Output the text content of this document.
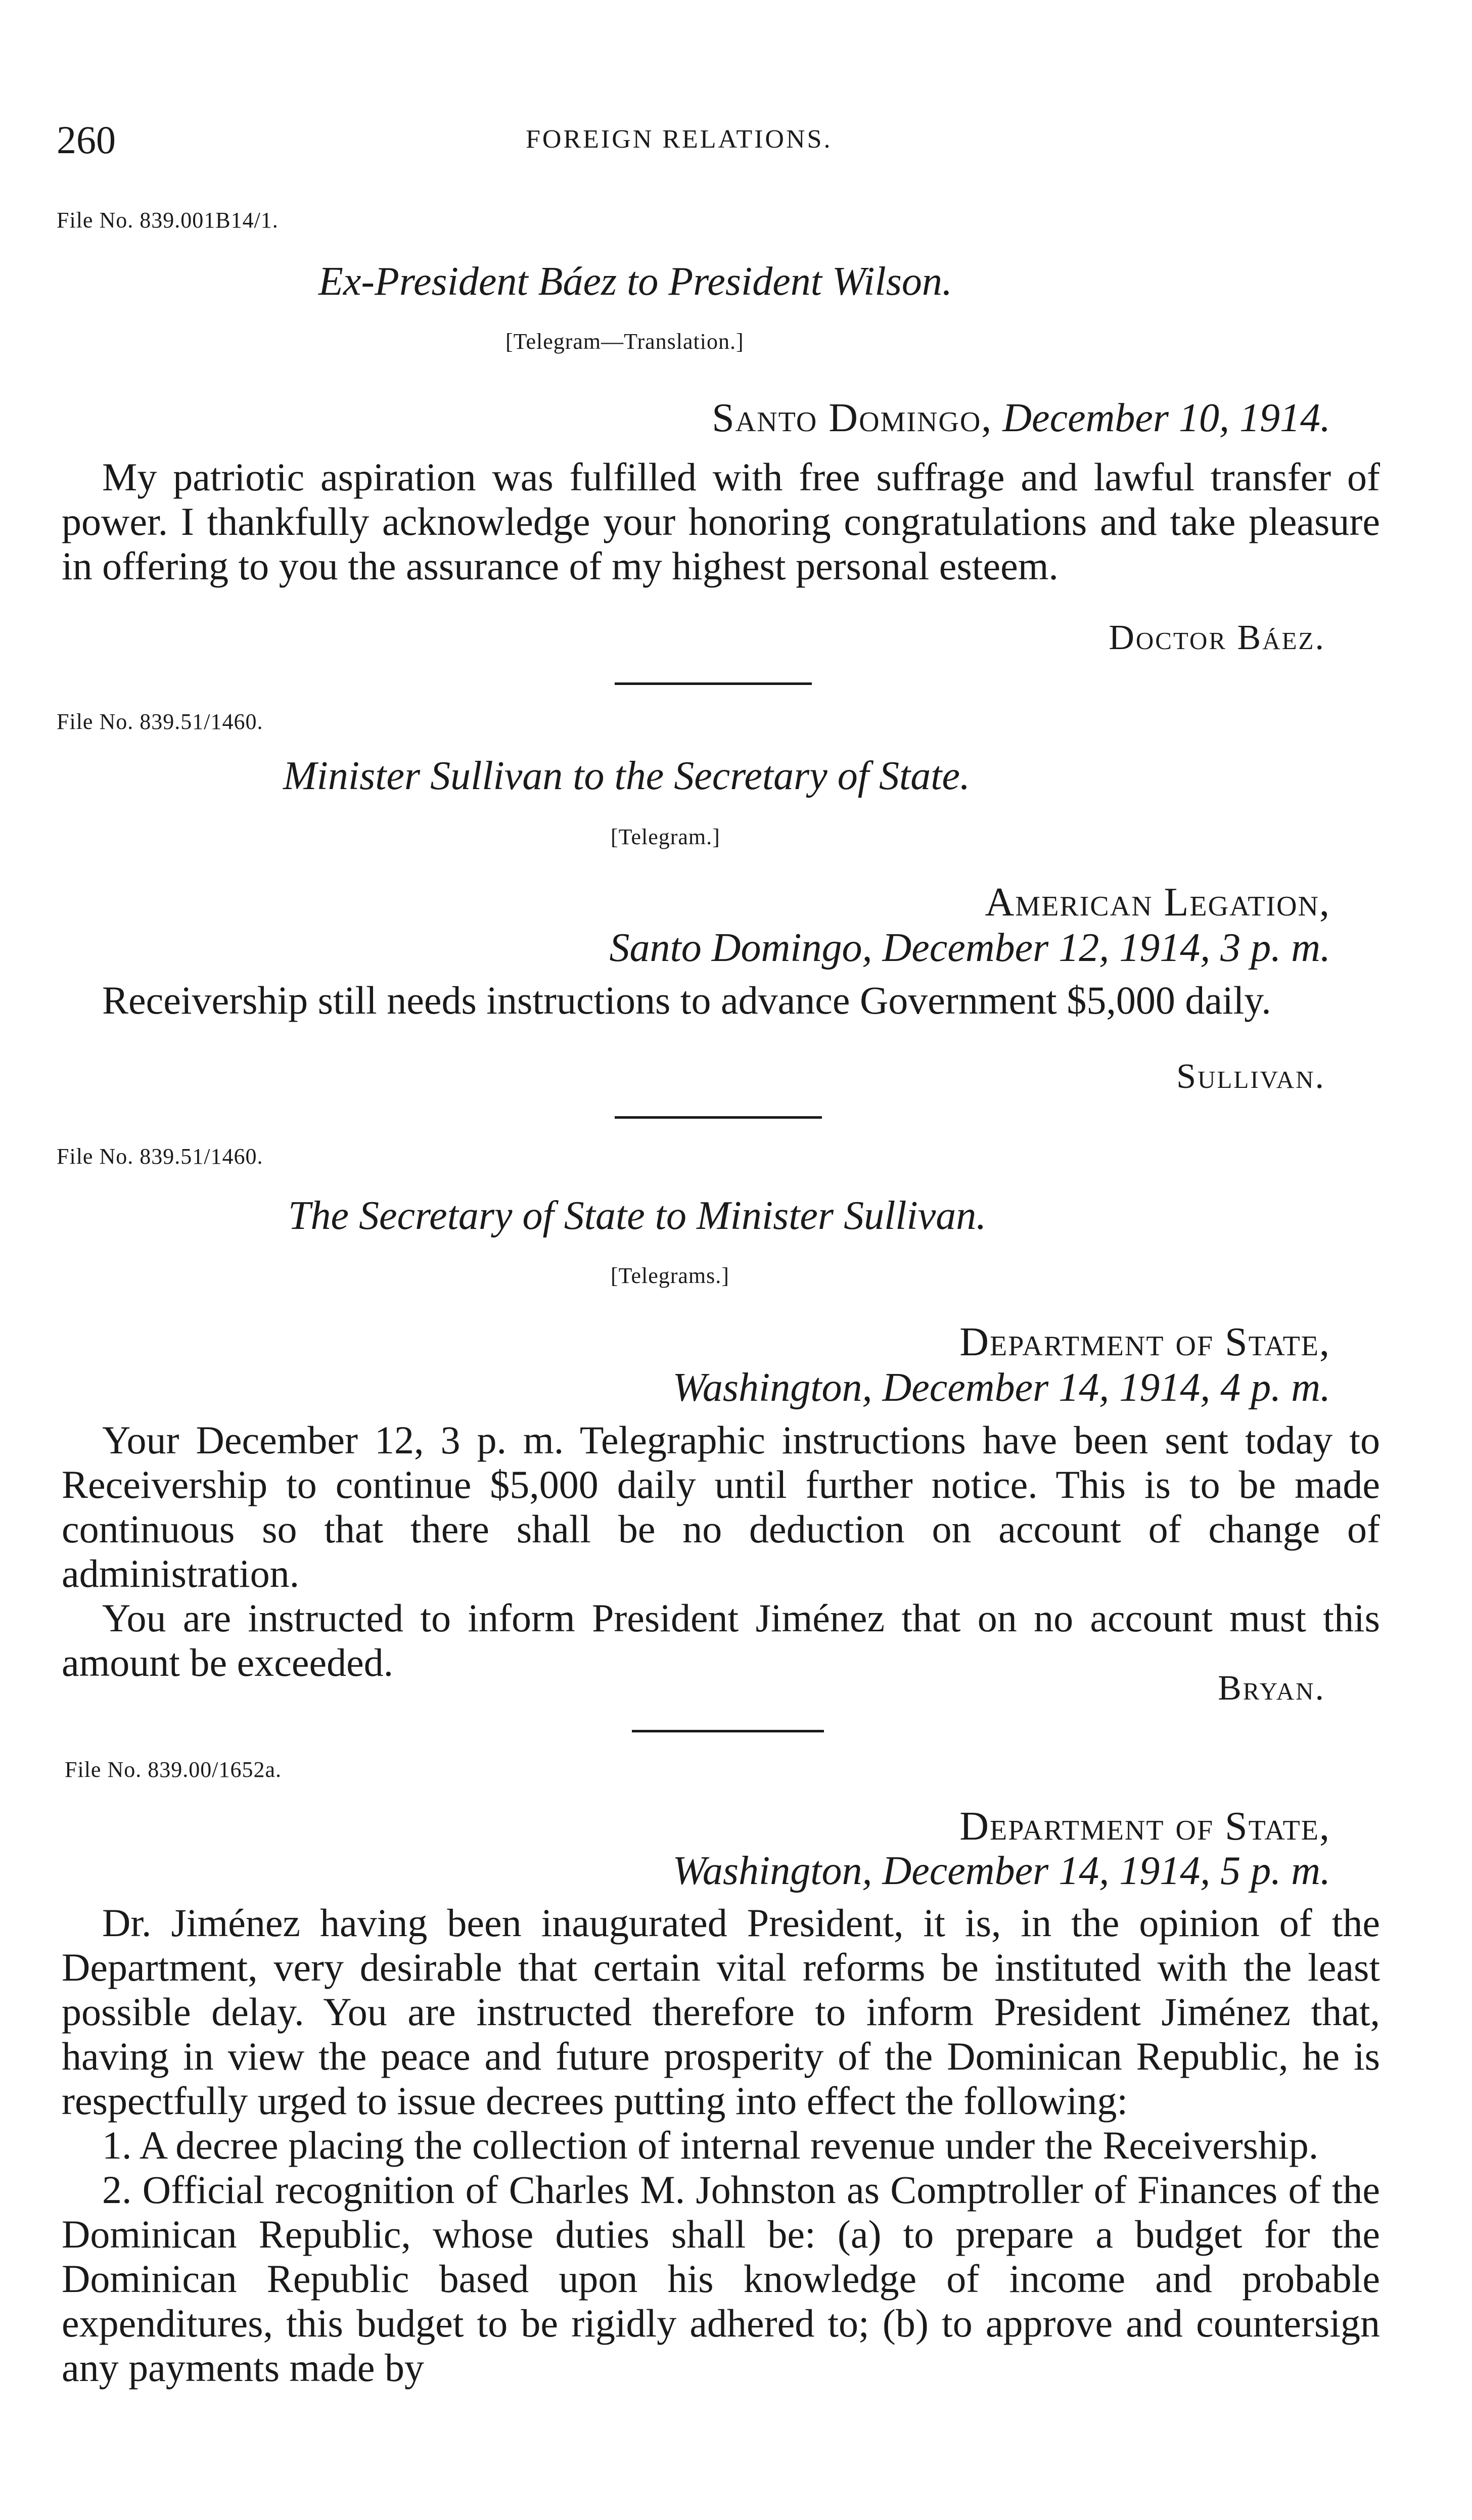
260	FOREIGN RELATIONS.
File No. 839.001B14/1.
Ex-President Báez to President Wilson.
[Telegram—Translation.]
Santo Domingo, December 10, 1914.

My patriotic aspiration was fulfilled with free suffrage and lawful transfer of power. I thankfully acknowledge your honoring congratulations and take pleasure in offering to you the assurance of my highest personal esteem.

Doctor Báez.
File No. 839.51/1460.
Minister Sullivan to the Secretary of State.
[Telegram.]
American Legation,
Santo Domingo, December 12, 1914, 3 p. m.

Receivership still needs instructions to advance Government $5,000 daily.

Sullivan.
File No. 839.51/1460.
The Secretary of State to Minister Sullivan.
[Telegrams.]
Department of State,
Washington, December 14, 1914, 4 p. m.

Your December 12, 3 p. m. Telegraphic instructions have been sent today to Receivership to continue $5,000 daily until further notice. This is to be made continuous so that there shall be no deduction on account of change of administration.

You are instructed to inform President Jiménez that on no account must this amount be exceeded.

Bryan.
File No. 839.00/1652a.
Department of State,
Washington, December 14, 1914, 5 p. m.

Dr. Jiménez having been inaugurated President, it is, in the opinion of the Department, very desirable that certain vital reforms be instituted with the least possible delay. You are instructed therefore to inform President Jiménez that, having in view the peace and future prosperity of the Dominican Republic, he is respectfully urged to issue decrees putting into effect the following:

1. A decree placing the collection of internal revenue under the Receivership.

2. Official recognition of Charles M. Johnston as Comptroller of Finances of the Dominican Republic, whose duties shall be: (a) to prepare a budget for the Dominican Republic based upon his knowledge of income and probable expenditures, this budget to be rigidly adhered to; (b) to approve and countersign any payments made by
